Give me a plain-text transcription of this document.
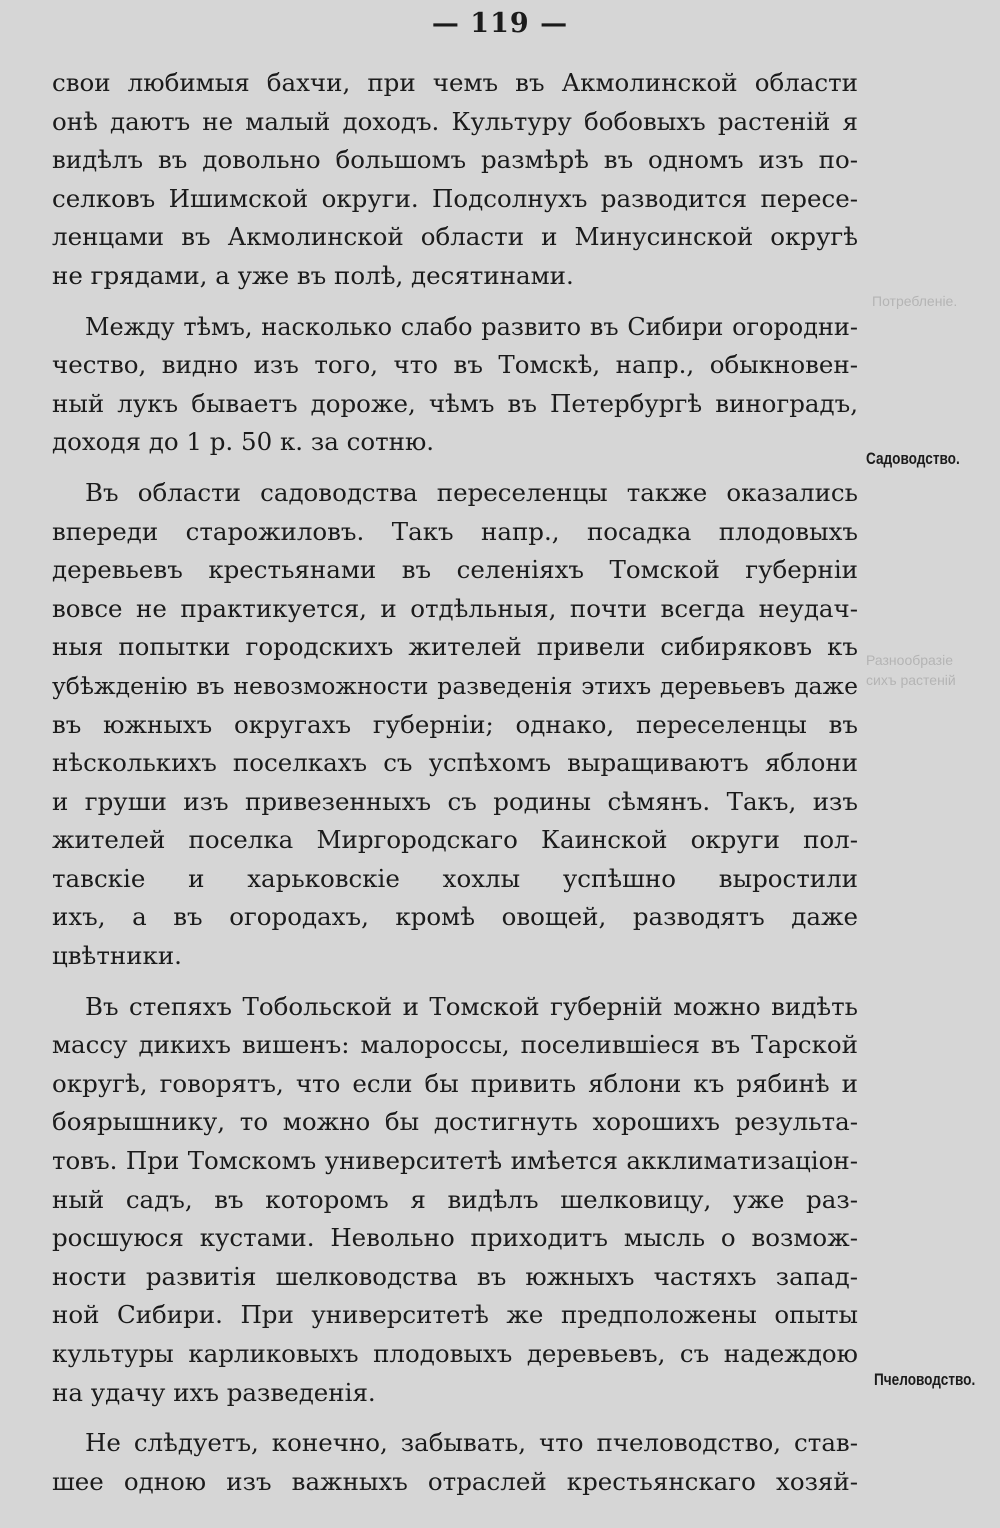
— 119 —
Потребленіе.
Разнообразіе
сихъ растеній
свои любимыя бахчи, при чемъ въ Акмолинской области
онѣ даютъ не малый доходъ. Культуру бобовыхъ растеній я
видѣлъ въ довольно большомъ размѣрѣ въ одномъ изъ по-
селковъ Ишимской округи. Подсолнухъ разводится пересе-
ленцами въ Акмолинской области и Минусинской округѣ
не грядами, а уже въ полѣ, десятинами.
Между тѣмъ, насколько слабо развито въ Сибири огородни-
чество, видно изъ того, что въ Томскѣ, напр., обыкновен-
ный лукъ бываетъ дороже, чѣмъ въ Петербургѣ виноградъ,
доходя до 1 р. 50 к. за сотню.
Въ области садоводства переселенцы также оказались
впереди старожиловъ. Такъ напр., посадка плодовыхъ
деревьевъ крестьянами въ селеніяхъ Томской губерніи
вовсе не практикуется, и отдѣльныя, почти всегда неудач-
ныя попытки городскихъ жителей привели сибиряковъ къ
убѣжденію въ невозможности разведенія этихъ деревьевъ даже
въ южныхъ округахъ губерніи; однако, переселенцы въ
нѣсколькихъ поселкахъ съ успѣхомъ выращиваютъ яблони
и груши изъ привезенныхъ съ родины сѣмянъ. Такъ, изъ
жителей поселка Миргородскаго Каинской округи пол-
тавскіе и харьковскіе хохлы успѣшно выростили
ихъ, а въ огородахъ, кромѣ овощей, разводятъ даже
цвѣтники.
Въ степяхъ Тобольской и Томской губерній можно видѣть
массу дикихъ вишенъ: малороссы, поселившіеся въ Тарской
округѣ, говорятъ, что если бы привить яблони къ рябинѣ и
боярышнику, то можно бы достигнуть хорошихъ результа-
товъ. При Томскомъ университетѣ имѣется акклиматизаціон-
ный садъ, въ которомъ я видѣлъ шелковицу, уже раз-
росшуюся кустами. Невольно приходитъ мысль о возмож-
ности развитія шелководства въ южныхъ частяхъ запад-
ной Сибири. При университетѣ же предположены опыты
культуры карликовыхъ плодовыхъ деревьевъ, съ надеждою
на удачу ихъ разведенія.
Не слѣдуетъ, конечно, забывать, что пчеловодство, став-
шее одною изъ важныхъ отраслей крестьянскаго хозяй-
Садоводство.
Пчеловодство.
